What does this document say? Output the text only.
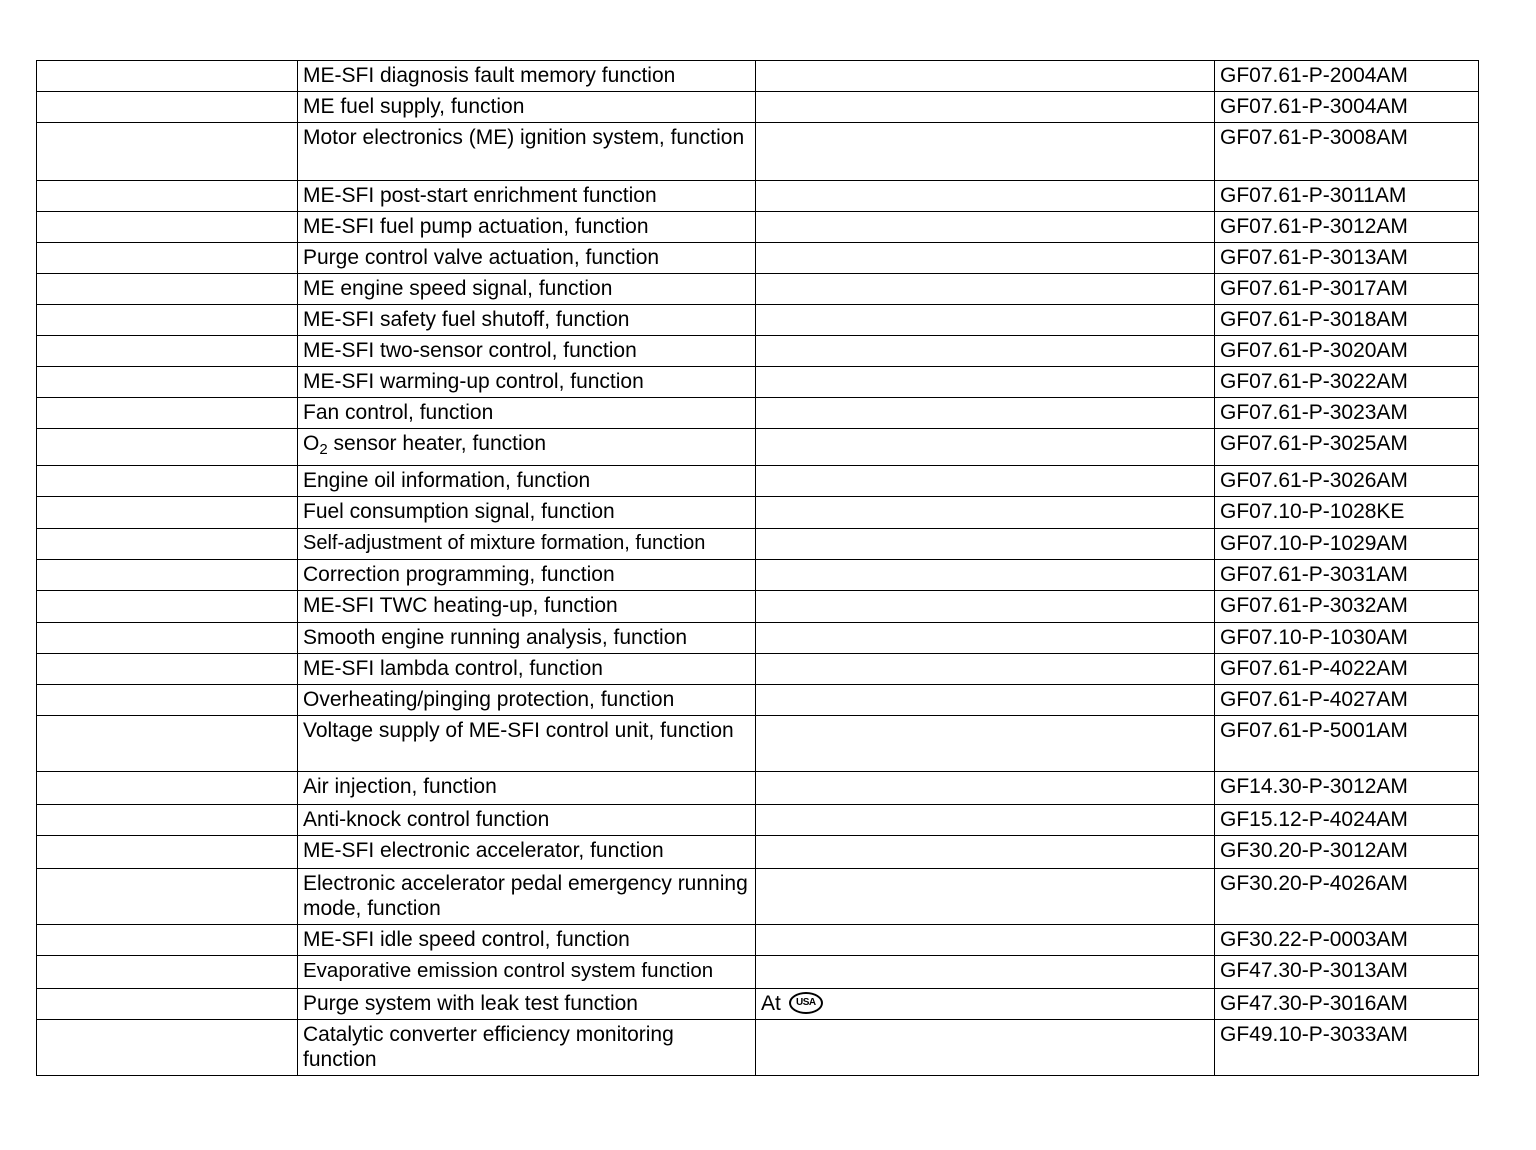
	ME-SFI diagnosis fault memory function		GF07.61-P-2004AM
	ME fuel supply, function		GF07.61-P-3004AM
	Motor electronics (ME) ignition system, function		GF07.61-P-3008AM
	ME-SFI post-start enrichment function		GF07.61-P-3011AM
	ME-SFI fuel pump actuation, function		GF07.61-P-3012AM
	Purge control valve actuation, function		GF07.61-P-3013AM
	ME engine speed signal, function		GF07.61-P-3017AM
	ME-SFI safety fuel shutoff, function		GF07.61-P-3018AM
	ME-SFI two-sensor control, function		GF07.61-P-3020AM
	ME-SFI warming-up control, function		GF07.61-P-3022AM
	Fan control, function		GF07.61-P-3023AM
	$O_2$ sensor heater, function		GF07.61-P-3025AM
	Engine oil information, function		GF07.61-P-3026AM
	Fuel consumption signal, function		GF07.10-P-1028KE
	Self-adjustment of mixture formation, function		GF07.10-P-1029AM
	Correction programming, function		GF07.61-P-3031AM
	ME-SFI TWC heating-up, function		GF07.61-P-3032AM
	Smooth engine running analysis, function		GF07.10-P-1030AM
	ME-SFI lambda control, function		GF07.61-P-4022AM
	Overheating/pinging protection, function		GF07.61-P-4027AM
	Voltage supply of ME-SFI control unit, function		GF07.61-P-5001AM
	Air injection, function		GF14.30-P-3012AM
	Anti-knock control function		GF15.12-P-4024AM
	ME-SFI electronic accelerator, function		GF30.20-P-3012AM
	Electronic accelerator pedal emergency running mode, function		GF30.20-P-4026AM
	ME-SFI idle speed control, function		GF30.22-P-0003AM
	Evaporative emission control system function		GF47.30-P-3013AM
	Purge system with leak test function	At USA	GF47.30-P-3016AM
	Catalytic converter efficiency monitoring function		GF49.10-P-3033AM
